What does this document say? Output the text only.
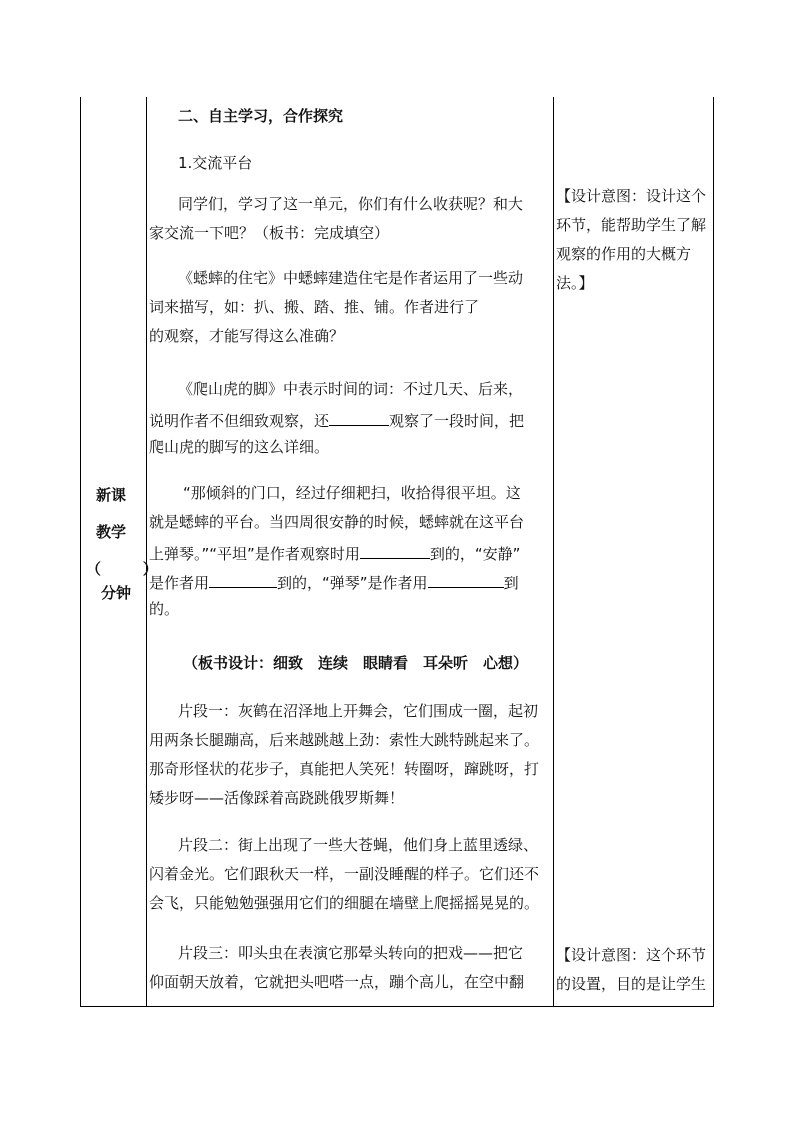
新课
教学
（        ）
分钟
二、自主学习，合作探究
1.交流平台
同学们，学习了这一单元，你们有什么收获呢？和大
家交流一下吧？（板书：完成填空）
《蟋蟀的住宅》中蟋蟀建造住宅是作者运用了一些动
词来描写，如：扒、搬、踏、推、铺。作者进行了
的观察，才能写得这么准确？
《爬山虎的脚》中表示时间的词：不过几天、后来，
说明作者不但细致观察，还	观察了一段时间，把
爬山虎的脚写的这么详细。
“那倾斜的门口，经过仔细耙扫，收拾得很平坦。这
就是蟋蟀的平台。当四周很安静的时候，蟋蟀就在这平台
上弹琴。”“平坦”是作者观察时用	到的，“安静”
是作者用	到的，“弹琴”是作者用	到
的。
（板书设计：细致　连续　眼睛看　耳朵听　心想）
片段一：灰鹤在沼泽地上开舞会，它们围成一圈，起初
用两条长腿蹦高，后来越跳越上劲：索性大跳特跳起来了。
那奇形怪状的花步子，真能把人笑死！转圈呀，蹿跳呀，打
矮步呀——活像踩着高跷跳俄罗斯舞！
片段二：街上出现了一些大苍蝇，他们身上蓝里透绿、
闪着金光。它们跟秋天一样，一副没睡醒的样子。它们还不
会飞，只能勉勉强强用它们的细腿在墙壁上爬摇摇晃晃的。
片段三：叩头虫在表演它那晕头转向的把戏——把它
仰面朝天放着，它就把头吧嗒一点，蹦个高儿，在空中翻
【设计意图：设计这个
环节，能帮助学生了解
观察的作用的大概方
法。】
【设计意图：这个环节
的设置，目的是让学生
